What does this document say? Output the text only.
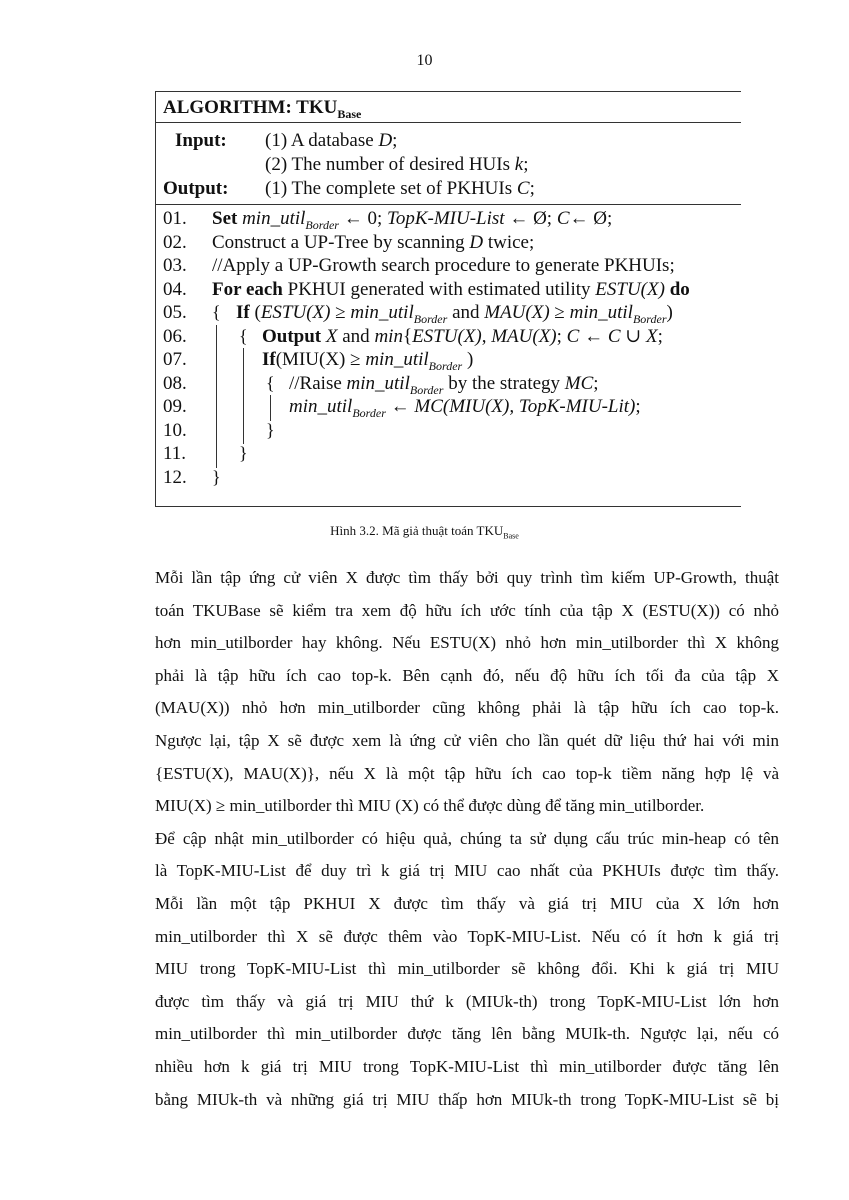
10
ALGORITHM: $TKU_{Base}$
Input: (1) A database D;
(2) The number of desired HUIs k;
Output: (1) The complete set of PKHUIs C;
01.	Set min_util$_{Border}$ ← 0; TopK-MIU-List ← Ø; C← Ø;
02.	Construct a UP-Tree by scanning D twice;
03.	//Apply a UP-Growth search procedure to generate PKHUIs;
04.	For each PKHUI generated with estimated utility ESTU(X) do
05.	{ If (ESTU(X) ≥ min_util$_{Border}$ and MAU(X) ≥ min_util$_{Border}$)
06.	{ Output X and min{ESTU(X), MAU(X); C ← C ∪ X;
07.	If(MIU(X) ≥ min_util$_{Border}$ )
08.	{ //Raise min_util$_{Border}$ by the strategy MC;
09.	min_util$_{Border}$ ← MC(MIU(X), TopK-MIU-Lit);
10.	}
11.	}
12.	}
Hình 3.2. Mã giả thuật toán $TKU_{Base}$
Mỗi lần tập ứng cử viên X được tìm thấy bởi quy trình tìm kiếm UP-Growth, thuật
toán TKUBase sẽ kiểm tra xem độ hữu ích ước tính của tập X (ESTU(X)) có nhỏ
hơn min_utilborder hay không. Nếu ESTU(X) nhỏ hơn min_utilborder thì X không
phải là tập hữu ích cao top-k. Bên cạnh đó, nếu độ hữu ích tối đa của tập X
(MAU(X)) nhỏ hơn min_utilborder cũng không phải là tập hữu ích cao top-k.
Ngược lại, tập X sẽ được xem là ứng cử viên cho lần quét dữ liệu thứ hai với min
{ESTU(X), MAU(X)}, nếu X là một tập hữu ích cao top-k tiềm năng hợp lệ và
MIU(X) ≥ min_utilborder thì MIU (X) có thể được dùng để tăng min_utilborder.
Để cập nhật min_utilborder có hiệu quả, chúng ta sử dụng cấu trúc min-heap có tên
là TopK-MIU-List để duy trì k giá trị MIU cao nhất của PKHUIs được tìm thấy.
Mỗi lần một tập PKHUI X được tìm thấy và giá trị MIU của X lớn hơn
min_utilborder thì X sẽ được thêm vào TopK-MIU-List. Nếu có ít hơn k giá trị
MIU trong TopK-MIU-List thì min_utilborder sẽ không đổi. Khi k giá trị MIU
được tìm thấy và giá trị MIU thứ k (MIUk-th) trong TopK-MIU-List lớn hơn
min_utilborder thì min_utilborder được tăng lên bằng MUIk-th. Ngược lại, nếu có
nhiều hơn k giá trị MIU trong TopK-MIU-List thì min_utilborder được tăng lên
bằng MIUk-th và những giá trị MIU thấp hơn MIUk-th trong TopK-MIU-List sẽ bị
